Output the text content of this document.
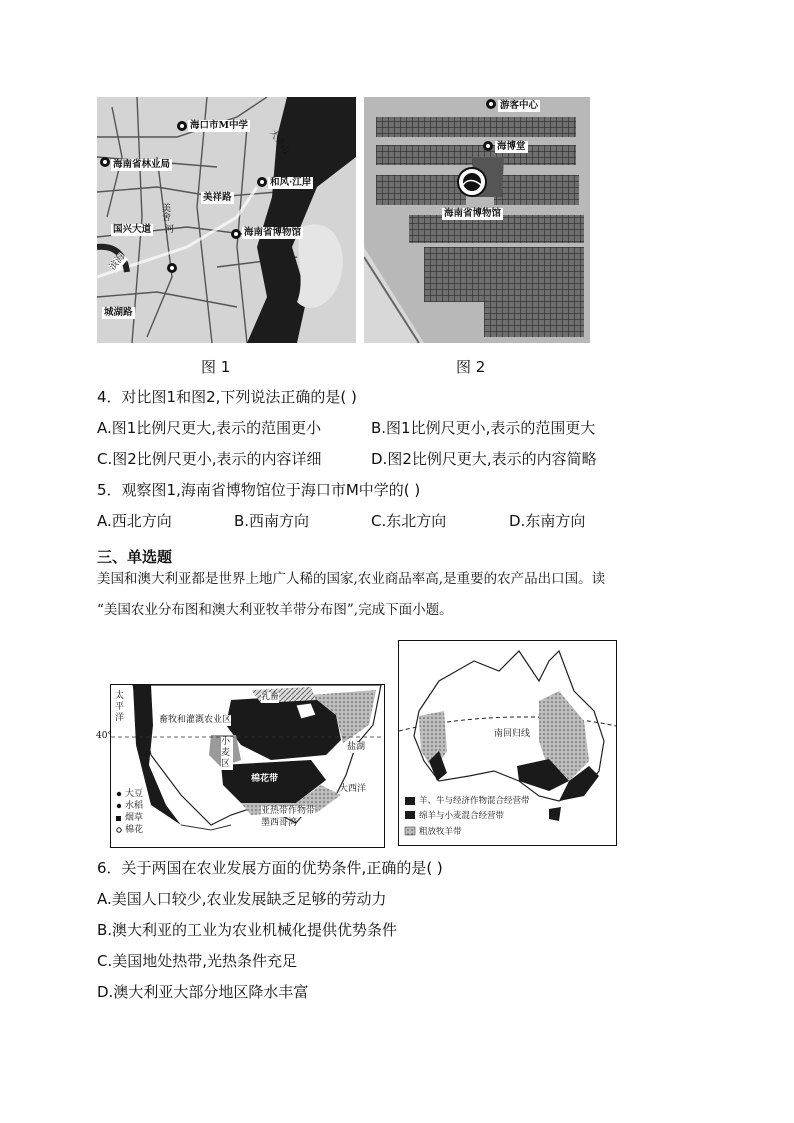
海口市M中学
海南省林业局
美祥路
和风·江岸
美舍
河
国兴大道	海南省博物馆
滨海
大英山
城湖路
图 1
游客中心
海博堂
海南省博物馆
图 2
4．对比图1和图2,下列说法正确的是( )
A.图1比例尺更大,表示的范围更小	B.图1比例尺更小,表示的范围更大
C.图2比例尺更小,表示的内容详细	D.图2比例尺更大,表示的内容简略
5．观察图1,海南省博物馆位于海口市M中学的( )
A.西北方向	B.西南方向	C.东北方向	D.东南方向
三、单选题
美国和澳大利亚都是世界上地广人稀的国家,农业商品率高,是重要的农产品出口国。读
“美国农业分布图和澳大利亚牧羊带分布图”,完成下面小题。
太平洋	畜牧和灌溉农业区
乳畜
小麦区
盐湖
大西洋
棉花带
亚热带作物带
墨西哥湾
大豆
水稻
烟草
棉花
40°	南回归线
羊、牛与经济作物混合经营带
绵羊与小麦混合经营带
粗放牧羊带
6．关于两国在农业发展方面的优势条件,正确的是( )
A.美国人口较少,农业发展缺乏足够的劳动力
B.澳大利亚的工业为农业机械化提供优势条件
C.美国地处热带,光热条件充足
D.澳大利亚大部分地区降水丰富
